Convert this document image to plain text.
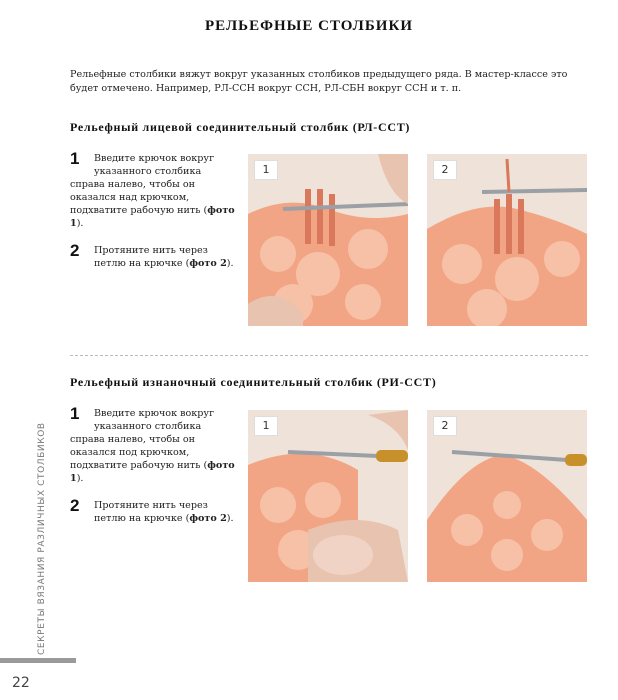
РЕЛЬЕФНЫЕ СТОЛБИКИ
Рельефные столбики вяжут вокруг указанных столбиков предыдущего ряда. В мастер-классе это будет отмечено. Например, РЛ-ССН вокруг ССН, РЛ-СБН вокруг ССН и т. п.
Рельефный лицевой соединительный столбик (РЛ-ССТ)
1	Введите крючок вокруг указанного столбика справа налево, чтобы он оказался над крючком, подхватите рабочую нить (фото 1).
2	Протяните нить через петлю на крючке (фото 2).
1	2
Рельефный изнаночный соединительный столбик (РИ-ССТ)
1	Введите крючок вокруг указанного столбика справа налево, чтобы он оказался под крючком, подхватите рабочую нить (фото 1).
2	Протяните нить через петлю на крючке (фото 2).
1	2
СЕКРЕТЫ ВЯЗАНИЯ РАЗЛИЧНЫХ СТОЛБИКОВ
22
